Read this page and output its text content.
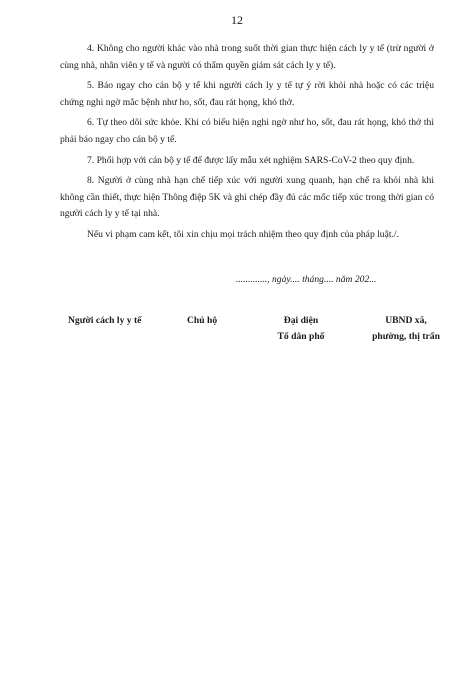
12

4. Không cho người khác vào nhà trong suốt thời gian thực hiện cách ly y tế (trừ người ở cùng nhà, nhân viên y tế và người có thẩm quyền giám sát cách ly y tế).

5. Báo ngay cho cán bộ y tế khi người cách ly y tế tự ý rời khỏi nhà hoặc có các triệu chứng nghi ngờ mắc bệnh như ho, sốt, đau rát họng, khó thở.

6. Tự theo dõi sức khỏe. Khi có biểu hiện nghi ngờ như ho, sốt, đau rát họng, khó thở thì phải báo ngay cho cán bộ y tế.

7. Phối hợp với cán bộ y tế để được lấy mẫu xét nghiệm SARS-CoV-2 theo quy định.

8. Người ở cùng nhà hạn chế tiếp xúc với người xung quanh, hạn chế ra khỏi nhà khi không cần thiết, thực hiện Thông điệp 5K và ghi chép đầy đủ các mốc tiếp xúc trong thời gian có người cách ly y tế tại nhà.

Nếu vi phạm cam kết, tôi xin chịu mọi trách nhiệm theo quy định của pháp luật./.

............., ngày.... tháng.... năm 202...
Người cách ly y tế	Chủ hộ	Đại diện
Tổ dân phố
UBND xã,
phường, thị trấn
